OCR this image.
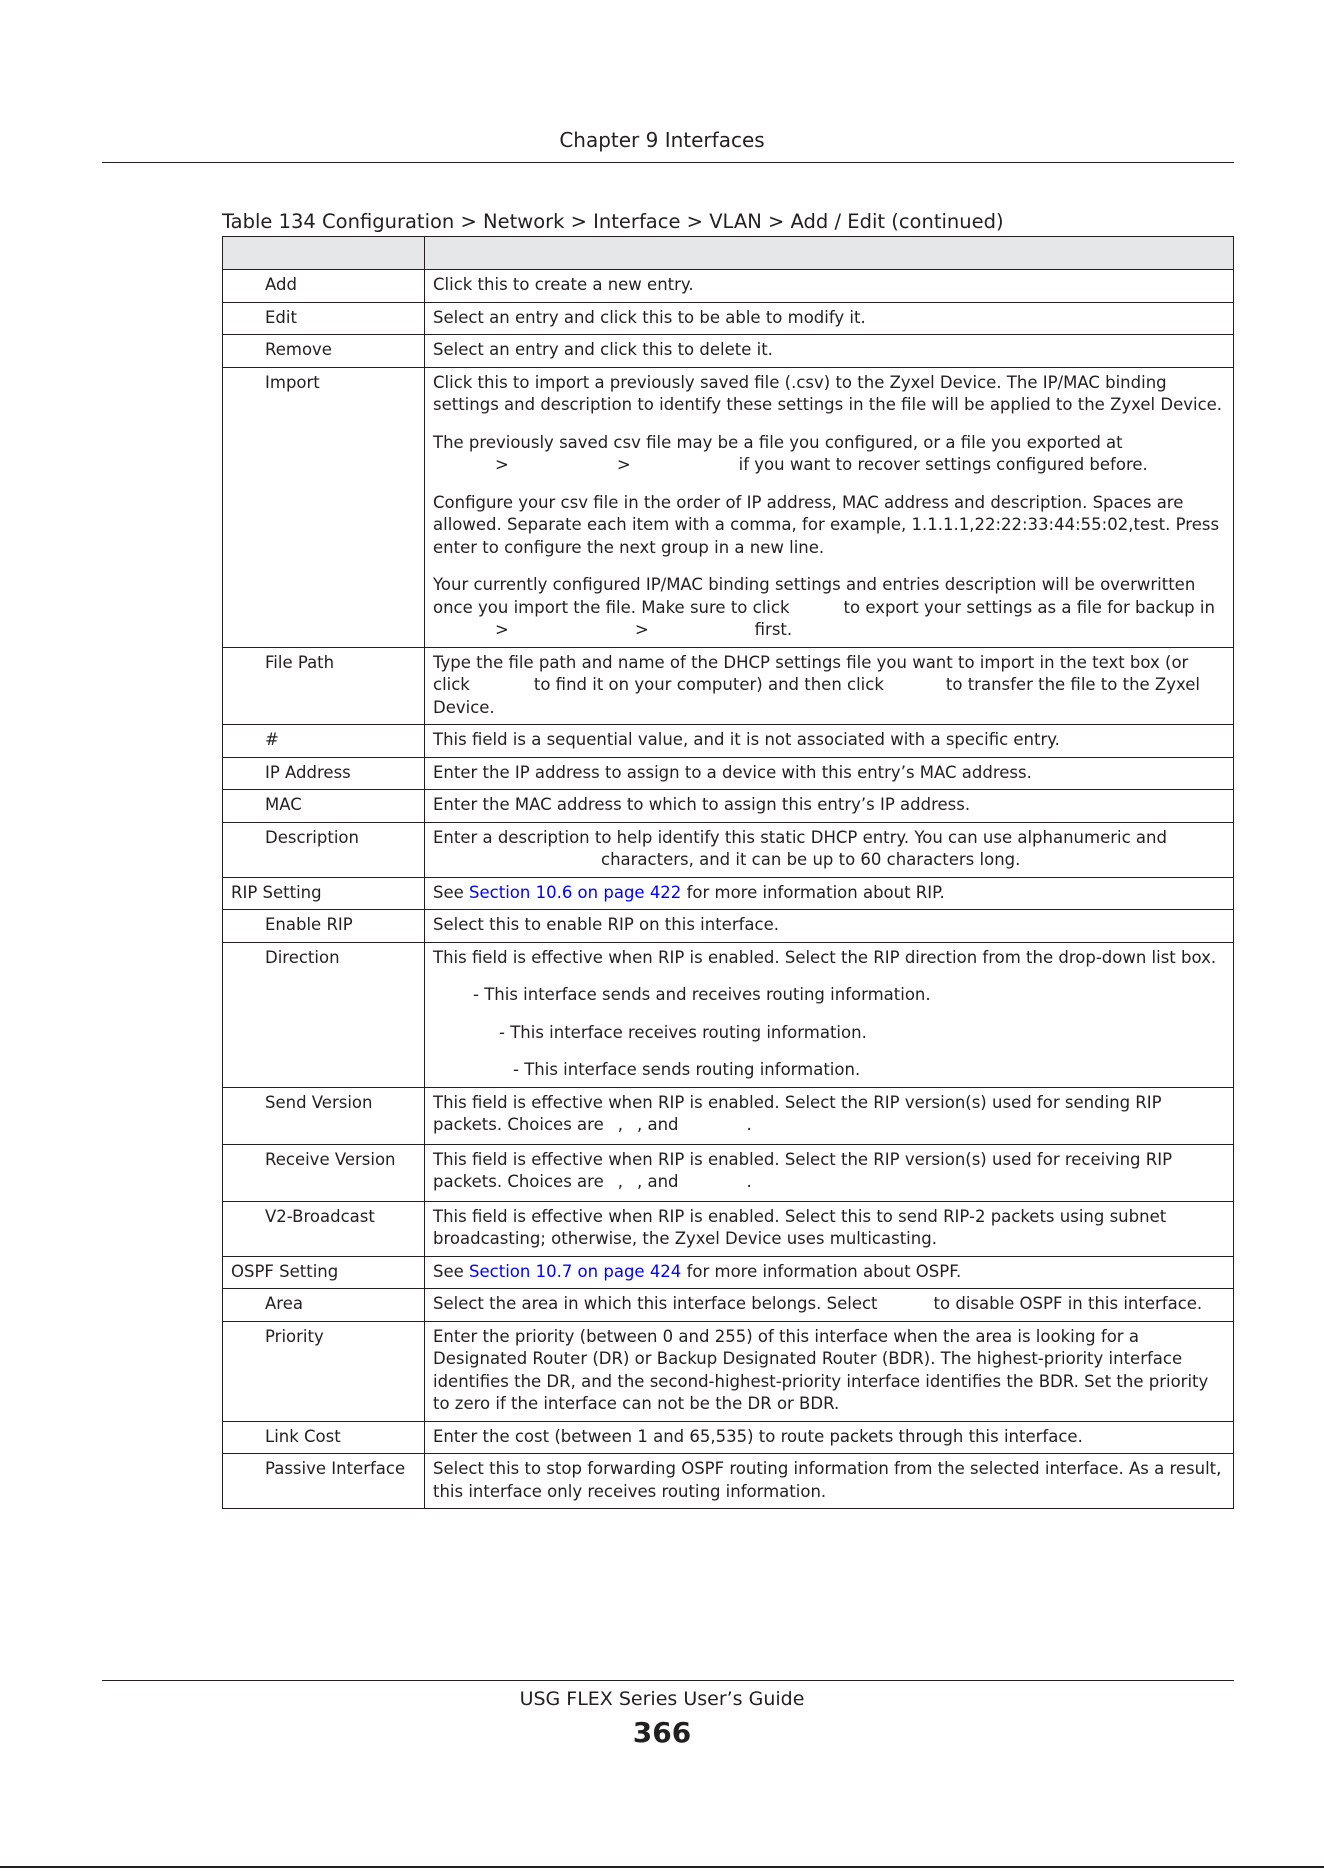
Chapter 9 Interfaces
Table 134 Configuration > Network > Interface > VLAN > Add / Edit (continued)

Add	Click this to create a new entry.
Edit	Select an entry and click this to be able to modify it.
Remove	Select an entry and click this to delete it.
Import	Click this to import a previously saved file (.csv) to the Zyxel Device. The IP/MAC binding settings and description to identify these settings in the file will be applied to the Zyxel Device.

The previously saved csv file may be a file you configured, or a file you exported at
> > if you want to recover settings configured before.

Configure your csv file in the order of IP address, MAC address and description. Spaces are allowed. Separate each item with a comma, for example, 1.1.1.1,22:22:33:44:55:02,test. Press enter to configure the next group in a new line.

Your currently configured IP/MAC binding settings and entries description will be overwritten once you import the file. Make sure to click to export your settings as a file for backup in> > first.

File Path	Type the file path and name of the DHCP settings file you want to import in the text box (or click to find it on your computer) and then click to transfer the file to the Zyxel Device.
#	This field is a sequential value, and it is not associated with a specific entry.
IP Address	Enter the IP address to assign to a device with this entry’s MAC address.
MAC	Enter the MAC address to which to assign this entry’s IP address.
Description	Enter a description to help identify this static DHCP entry. You can use alphanumeric and
characters, and it can be up to 60 characters long.
RIP Setting	See Section 10.6 on page 422 for more information about RIP.
Enable RIP	Select this to enable RIP on this interface.
Direction	This field is effective when RIP is enabled. Select the RIP direction from the drop-down list box.

- This interface sends and receives routing information.

- This interface receives routing information.

- This interface sends routing information.

Send Version	This field is effective when RIP is enabled. Select the RIP version(s) used for sending RIP packets. Choices are , , and .
Receive Version	This field is effective when RIP is enabled. Select the RIP version(s) used for receiving RIP packets. Choices are , , and .
V2-Broadcast	This field is effective when RIP is enabled. Select this to send RIP-2 packets using subnet broadcasting; otherwise, the Zyxel Device uses multicasting.
OSPF Setting	See Section 10.7 on page 424 for more information about OSPF.
Area	Select the area in which this interface belongs. Select to disable OSPF in this interface.
Priority	Enter the priority (between 0 and 255) of this interface when the area is looking for a Designated Router (DR) or Backup Designated Router (BDR). The highest-priority interface identifies the DR, and the second-highest-priority interface identifies the BDR. Set the priority to zero if the interface can not be the DR or BDR.
Link Cost	Enter the cost (between 1 and 65,535) to route packets through this interface.
Passive Interface	Select this to stop forwarding OSPF routing information from the selected interface. As a result, this interface only receives routing information.
USG FLEX Series User’s Guide
366
